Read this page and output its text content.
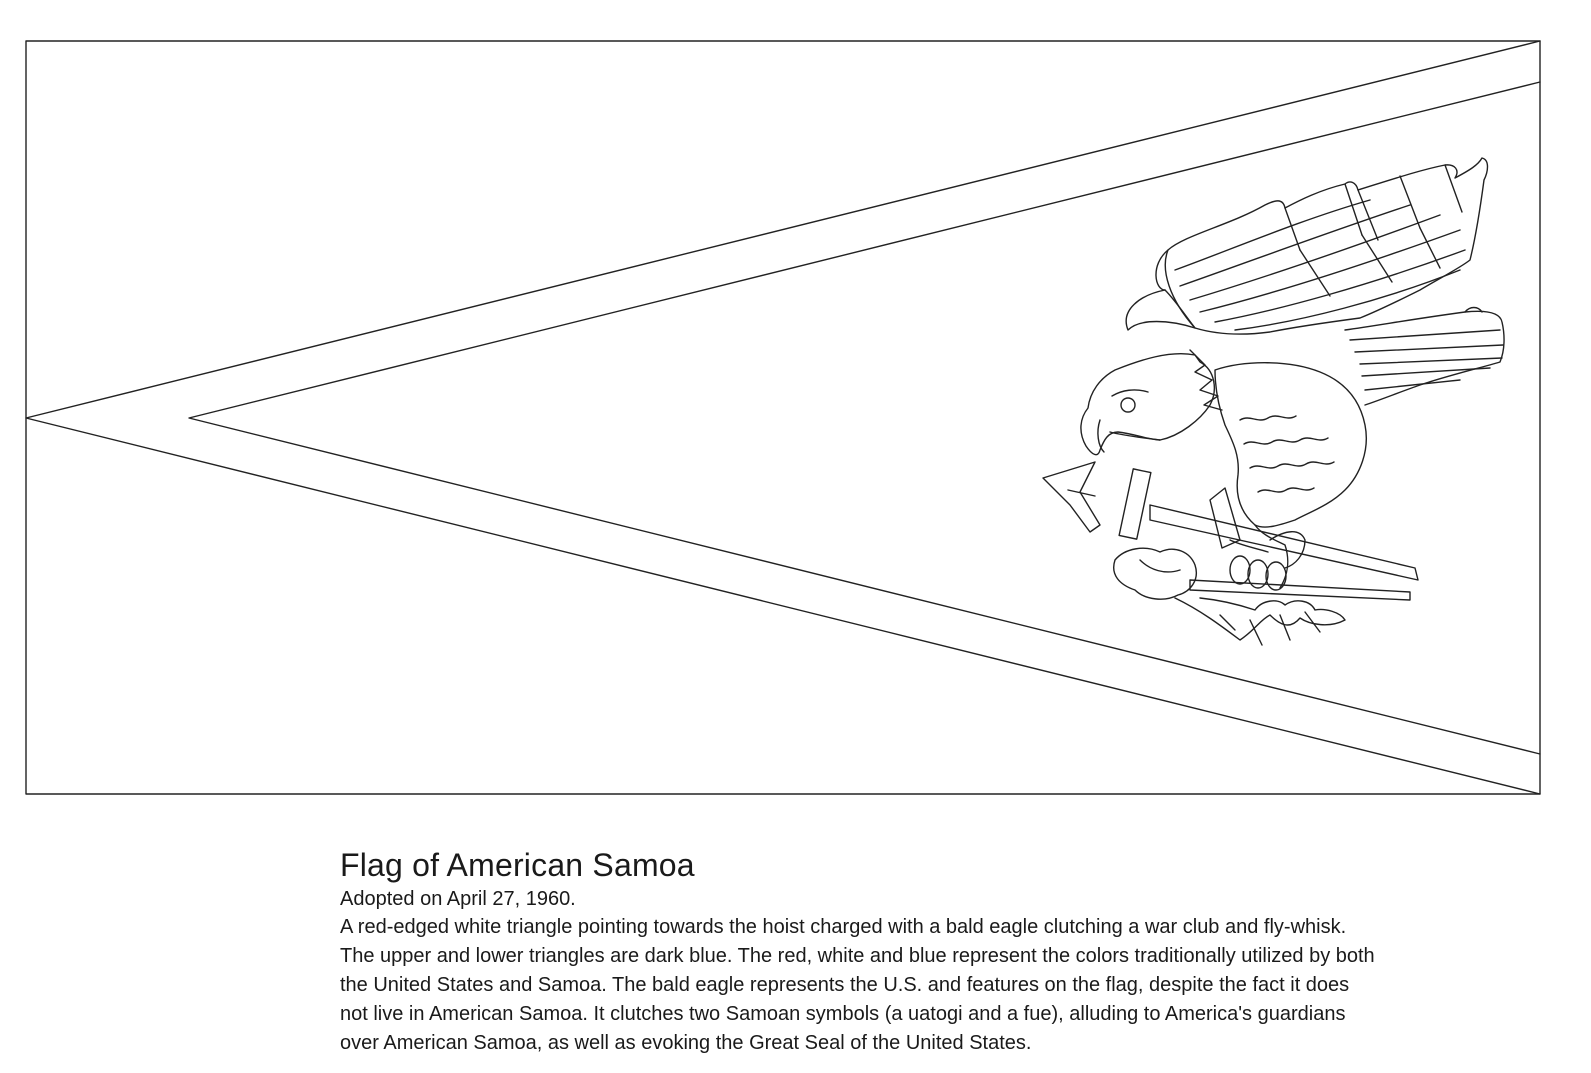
Flag of American Samoa

Adopted on April 27, 1960.

A red-edged white triangle pointing towards the hoist charged with a bald eagle clutching a war club and fly-whisk.

The upper and lower triangles are dark blue. The red, white and blue represent the colors traditionally utilized by both

the United States and Samoa. The bald eagle represents the U.S. and features on the flag, despite the fact it does

not live in American Samoa. It clutches two Samoan symbols (a uatogi and a fue), alluding to America's guardians

over American Samoa, as well as evoking the Great Seal of the United States.
